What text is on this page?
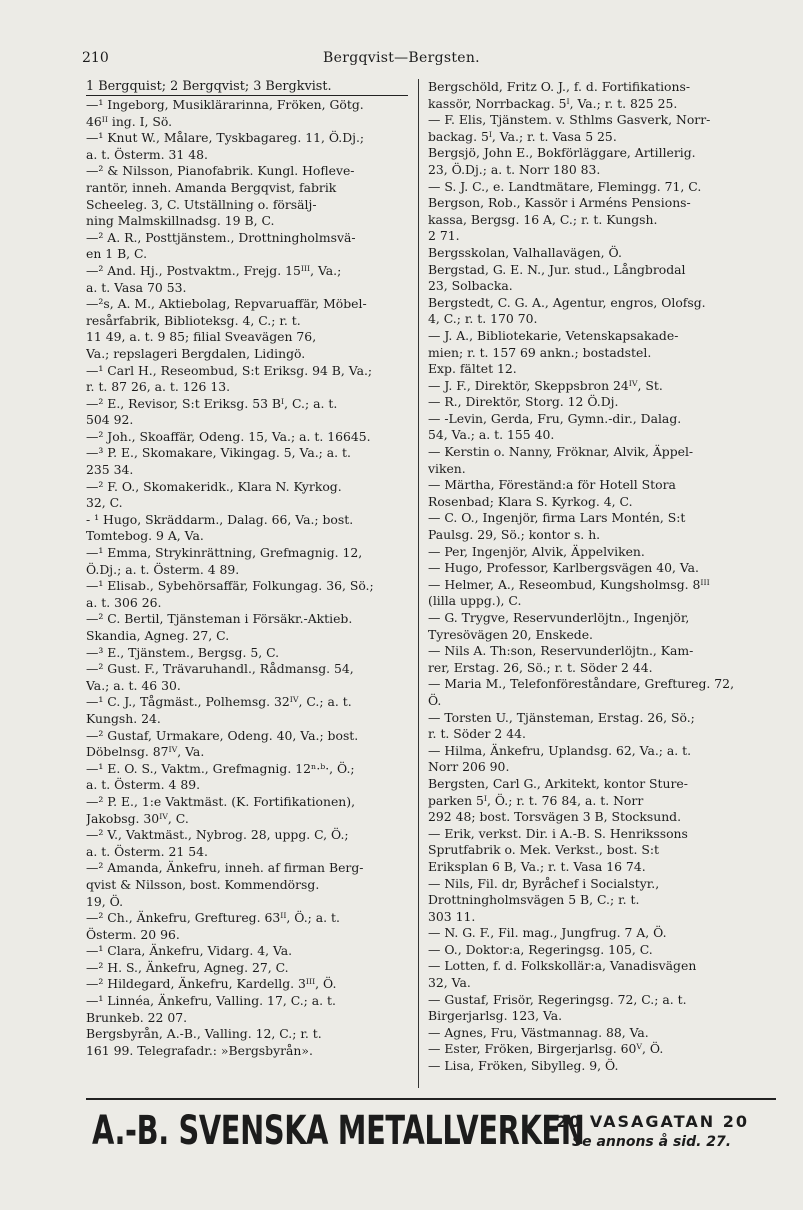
210	Bergqvist—Bergsten.
1 Bergquist; 2 Bergqvist; 3 Bergkvist.
—¹ Ingeborg, Musiklärarinna, Fröken, Götg.
46ᴵᴵ ing. I, Sö.
—¹ Knut W., Målare, Tyskbagareg. 11, Ö.Dj.;
a. t. Österm. 31 48.
—² & Nilsson, Pianofabrik. Kungl. Hofleve-
rantör, inneh. Amanda Bergqvist, fabrik
Scheeleg. 3, C. Utställning o. försälj-
ning Malmskillnadsg. 19 B, C.
—² A. R., Posttjänstem., Drottningholmsvä-
en 1 B, C.
—² And. Hj., Postvaktm., Frejg. 15ᴵᴵᴵ, Va.;
a. t. Vasa 70 53.
—²s, A. M., Aktiebolag, Repvaruaffär, Möbel-
resårfabrik, Biblioteksg. 4, C.; r. t.
11 49, a. t. 9 85; filial Sveavägen 76,
Va.; repslageri Bergdalen, Lidingö.
—¹ Carl H., Reseombud, S:t Eriksg. 94 B, Va.;
r. t. 87 26, a. t. 126 13.
—² E., Revisor, S:t Eriksg. 53 Bᴵ, C.; a. t.
504 92.
—² Joh., Skoaffär, Odeng. 15, Va.; a. t. 16645.
—³ P. E., Skomakare, Vikingag. 5, Va.; a. t.
235 34.
—² F. O., Skomakeridk., Klara N. Kyrkog.
32, C.
- ¹ Hugo, Skräddarm., Dalag. 66, Va.; bost.
Tomtebog. 9 A, Va.
—¹ Emma, Strykinrättning, Grefmagnig. 12,
Ö.Dj.; a. t. Österm. 4 89.
—¹ Elisab., Sybehörsaffär, Folkungag. 36, Sö.;
a. t. 306 26.
—² C. Bertil, Tjänsteman i Försäkr.-Aktieb.
Skandia, Agneg. 27, C.
—³ E., Tjänstem., Bergsg. 5, C.
—² Gust. F., Trävaruhandl., Rådmansg. 54,
Va.; a. t. 46 30.
—¹ C. J., Tågmäst., Polhemsg. 32ᴵⱽ, C.; a. t.
Kungsh. 24.
—² Gustaf, Urmakare, Odeng. 40, Va.; bost.
Döbelnsg. 87ᴵⱽ, Va.
—¹ E. O. S., Vaktm., Grefmagnig. 12ⁿ·ᵇ·, Ö.;
a. t. Österm. 4 89.
—² P. E., 1:e Vaktmäst. (K. Fortifikationen),
Jakobsg. 30ᴵⱽ, C.
—² V., Vaktmäst., Nybrog. 28, uppg. C, Ö.;
a. t. Österm. 21 54.
—² Amanda, Änkefru, inneh. af firman Berg-
qvist & Nilsson, bost. Kommendörsg.
19, Ö.
—² Ch., Änkefru, Greftureg. 63ᴵᴵ, Ö.; a. t.
Österm. 20 96.
—¹ Clara, Änkefru, Vidarg. 4, Va.
—² H. S., Änkefru, Agneg. 27, C.
—² Hildegard, Änkefru, Kardellg. 3ᴵᴵᴵ, Ö.
—¹ Linnéa, Änkefru, Valling. 17, C.; a. t.
Brunkeb. 22 07.
Bergsbyrån, A.-B., Valling. 12, C.; r. t.
161 99. Telegrafadr.: »Bergsbyrån».
Bergschöld, Fritz O. J., f. d. Fortifikations-
kassör, Norrbackag. 5ᴵ, Va.; r. t. 825 25.
— F. Elis, Tjänstem. v. Sthlms Gasverk, Norr-
backag. 5ᴵ, Va.; r. t. Vasa 5 25.
Bergsjö, John E., Bokförläggare, Artillerig.
23, Ö.Dj.; a. t. Norr 180 83.
— S. J. C., e. Landtmätare, Flemingg. 71, C.
Bergson, Rob., Kassör i Arméns Pensions-
kassa, Bergsg. 16 A, C.; r. t. Kungsh.
2 71.
Bergsskolan, Valhallavägen, Ö.
Bergstad, G. E. N., Jur. stud., Långbrodal
23, Solbacka.
Bergstedt, C. G. A., Agentur, engros, Olofsg.
4, C.; r. t. 170 70.
— J. A., Bibliotekarie, Vetenskapsakade-
mien; r. t. 157 69 ankn.; bostadstel.
Exp. fältet 12.
— J. F., Direktör, Skeppsbron 24ᴵⱽ, St.
— R., Direktör, Storg. 12 Ö.Dj.
— -Levin, Gerda, Fru, Gymn.-dir., Dalag.
54, Va.; a. t. 155 40.
— Kerstin o. Nanny, Fröknar, Alvik, Äppel-
viken.
— Märtha, Föreständ:a för Hotell Stora
Rosenbad; Klara S. Kyrkog. 4, C.
— C. O., Ingenjör, firma Lars Montén, S:t
Paulsg. 29, Sö.; kontor s. h.
— Per, Ingenjör, Alvik, Äppelviken.
— Hugo, Professor, Karlbergsvägen 40, Va.
— Helmer, A., Reseombud, Kungsholmsg. 8ᴵᴵᴵ
(lilla uppg.), C.
— G. Trygve, Reservunderlöjtn., Ingenjör,
Tyresövägen 20, Enskede.
— Nils A. Th:son, Reservunderlöjtn., Kam-
rer, Erstag. 26, Sö.; r. t. Söder 2 44.
— Maria M., Telefonföreståndare, Greftureg. 72,
Ö.
— Torsten U., Tjänsteman, Erstag. 26, Sö.;
r. t. Söder 2 44.
— Hilma, Änkefru, Uplandsg. 62, Va.; a. t.
Norr 206 90.
Bergsten, Carl G., Arkitekt, kontor Sture-
parken 5ᴵ, Ö.; r. t. 76 84, a. t. Norr
292 48; bost. Torsvägen 3 B, Stocksund.
— Erik, verkst. Dir. i A.-B. S. Henrikssons
Sprutfabrik o. Mek. Verkst., bost. S:t
Eriksplan 6 B, Va.; r. t. Vasa 16 74.
— Nils, Fil. dr, Byråchef i Socialstyr.,
Drottningholmsvägen 5 B, C.; r. t.
303 11.
— N. G. F., Fil. mag., Jungfrug. 7 A, Ö.
— O., Doktor:a, Regeringsg. 105, C.
— Lotten, f. d. Folkskollär:a, Vanadisvägen
32, Va.
— Gustaf, Frisör, Regeringsg. 72, C.; a. t.
Birgerjarlsg. 123, Va.
— Agnes, Fru, Västmannag. 88, Va.
— Ester, Fröken, Birgerjarlsg. 60ⱽ, Ö.
— Lisa, Fröken, Sibylleg. 9, Ö.
A.-B. SVENSKA METALLVERKEN
20 VASAGATAN 20
Se annons å sid. 27.
